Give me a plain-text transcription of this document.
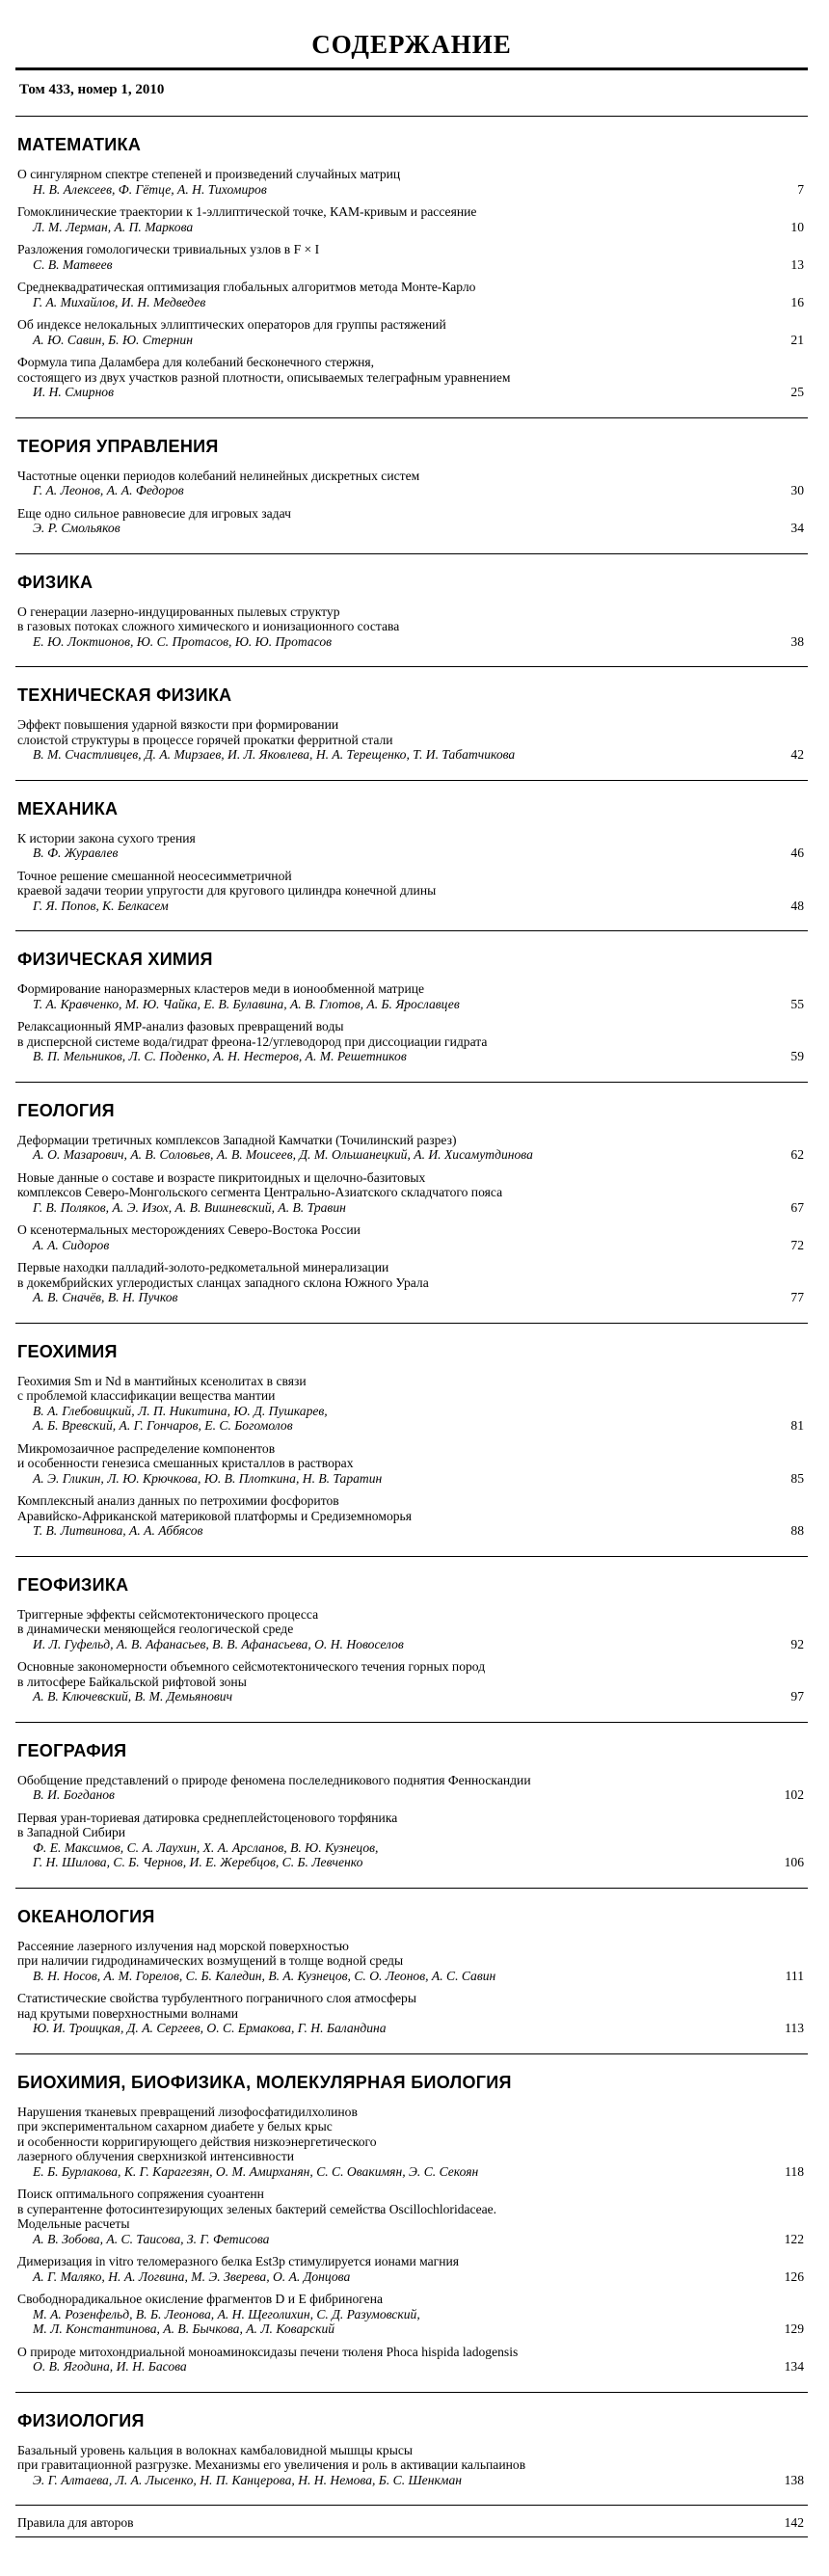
СОДЕРЖАНИЕ
Том 433, номер 1, 2010
МАТЕМАТИКА
О сингулярном спектре степеней и произведений случайных матриц
Н. В. Алексеев, Ф. Гётце, А. Н. Тихомиров	7
Гомоклинические траектории к 1-эллиптической точке, КАМ-кривым и рассеяние
Л. М. Лерман, А. П. Маркова	10
Разложения гомологически тривиальных узлов в F × I
С. В. Матвеев	13
Среднеквадратическая оптимизация глобальных алгоритмов метода Монте-Карло
Г. А. Михайлов, И. Н. Медведев	16
Об индексе нелокальных эллиптических операторов для группы растяжений
А. Ю. Савин, Б. Ю. Стернин	21
Формула типа Даламбера для колебаний бесконечного стержня,
состоящего из двух участков разной плотности, описываемых телеграфным уравнением
И. Н. Смирнов	25
ТЕОРИЯ УПРАВЛЕНИЯ
Частотные оценки периодов колебаний нелинейных дискретных систем
Г. А. Леонов, А. А. Федоров	30
Еще одно сильное равновесие для игровых задач
Э. Р. Смольяков	34
ФИЗИКА
О генерации лазерно-индуцированных пылевых структур
в газовых потоках сложного химического и ионизационного состава
Е. Ю. Локтионов, Ю. С. Протасов, Ю. Ю. Протасов	38
ТЕХНИЧЕСКАЯ ФИЗИКА
Эффект повышения ударной вязкости при формировании
слоистой структуры в процессе горячей прокатки ферритной стали
В. М. Счастливцев, Д. А. Мирзаев, И. Л. Яковлева, Н. А. Терещенко, Т. И. Табатчикова	42
МЕХАНИКА
К истории закона сухого трения
В. Ф. Журавлев	46
Точное решение смешанной неосесимметричной
краевой задачи теории упругости для кругового цилиндра конечной длины
Г. Я. Попов, К. Белкасем	48
ФИЗИЧЕСКАЯ ХИМИЯ
Формирование наноразмерных кластеров меди в ионообменной матрице
Т. А. Кравченко, М. Ю. Чайка, Е. В. Булавина, А. В. Глотов, А. Б. Ярославцев	55
Релаксационный ЯМР-анализ фазовых превращений воды
в дисперсной системе вода/гидрат фреона-12/углеводород при диссоциации гидрата
В. П. Мельников, Л. С. Поденко, А. Н. Нестеров, А. М. Решетников	59
ГЕОЛОГИЯ
Деформации третичных комплексов Западной Камчатки (Точилинский разрез)
А. О. Мазарович, А. В. Соловьев, А. В. Моисеев, Д. М. Ольшанецкий, А. И. Хисамутдинова	62
Новые данные о составе и возрасте пикритоидных и щелочно-базитовых
комплексов Северо-Монгольского сегмента Центрально-Азиатского складчатого пояса
Г. В. Поляков, А. Э. Изох, А. В. Вишневский, А. В. Травин	67
О ксенотермальных месторождениях Северо-Востока России
А. А. Сидоров	72
Первые находки палладий-золото-редкометальной минерализации
в докембрийских углеродистых сланцах западного склона Южного Урала
А. В. Сначёв, В. Н. Пучков	77
ГЕОХИМИЯ
Геохимия Sm и Nd в мантийных ксенолитах в связи
с проблемой классификации вещества мантии
В. А. Глебовицкий, Л. П. Никитина, Ю. Д. Пушкарев,
А. Б. Вревский, А. Г. Гончаров, Е. С. Богомолов	81
Микромозаичное распределение компонентов
и особенности генезиса смешанных кристаллов в растворах
А. Э. Гликин, Л. Ю. Крючкова, Ю. В. Плоткина, Н. В. Таратин	85
Комплексный анализ данных по петрохимии фосфоритов
Аравийско-Африканской материковой платформы и Средиземноморья
Т. В. Литвинова, А. А. Аббясов	88
ГЕОФИЗИКА
Триггерные эффекты сейсмотектонического процесса
в динамически меняющейся геологической среде
И. Л. Гуфельд, А. В. Афанасьев, В. В. Афанасьева, О. Н. Новоселов	92
Основные закономерности объемного сейсмотектонического течения горных пород
в литосфере Байкальской рифтовой зоны
А. В. Ключевский, В. М. Демьянович	97
ГЕОГРАФИЯ
Обобщение представлений о природе феномена послеледникового поднятия Фенноскандии
В. И. Богданов	102
Первая уран-ториевая датировка среднеплейстоценового торфяника
в Западной Сибири
Ф. Е. Максимов, С. А. Лаухин, Х. А. Арсланов, В. Ю. Кузнецов,
Г. Н. Шилова, С. Б. Чернов, И. Е. Жеребцов, С. Б. Левченко	106
ОКЕАНОЛОГИЯ
Рассеяние лазерного излучения над морской поверхностью
при наличии гидродинамических возмущений в толще водной среды
В. Н. Носов, А. М. Горелов, С. Б. Каледин, В. А. Кузнецов, С. О. Леонов, А. С. Савин	111
Статистические свойства турбулентного пограничного слоя атмосферы
над крутыми поверхностными волнами
Ю. И. Троицкая, Д. А. Сергеев, О. С. Ермакова, Г. Н. Баландина	113
БИОХИМИЯ, БИОФИЗИКА, МОЛЕКУЛЯРНАЯ БИОЛОГИЯ
Нарушения тканевых превращений лизофосфатидилхолинов
при экспериментальном сахарном диабете у белых крыс
и особенности корригирующего действия низкоэнергетического
лазерного облучения сверхнизкой интенсивности
Е. Б. Бурлакова, К. Г. Карагезян, О. М. Амирханян, С. С. Овакимян, Э. С. Секоян	118
Поиск оптимального сопряжения суоантенн
в суперантенне фотосинтезирующих зеленых бактерий семейства Oscillochloridaceae.
Модельные расчеты
А. В. Зобова, А. С. Таисова, З. Г. Фетисова	122
Димеризация in vitro теломеразного белка Est3p стимулируется ионами магния
А. Г. Маляко, Н. А. Логвина, М. Э. Зверева, О. А. Донцова	126
Свободнорадикальное окисление фрагментов D и E фибриногена
М. А. Розенфельд, В. Б. Леонова, А. Н. Щеголихин, С. Д. Разумовский,
М. Л. Константинова, А. В. Бычкова, А. Л. Коварский	129
О природе митохондриальной моноаминоксидазы печени тюленя Phoca hispida ladogensis
О. В. Ягодина, И. Н. Басова	134
ФИЗИОЛОГИЯ
Базальный уровень кальция в волокнах камбаловидной мышцы крысы
при гравитационной разгрузке. Механизмы его увеличения и роль в активации кальпаинов
Э. Г. Алтаева, Л. А. Лысенко, Н. П. Канцерова, Н. Н. Немова, Б. С. Шенкман	138
Правила для авторов	142
